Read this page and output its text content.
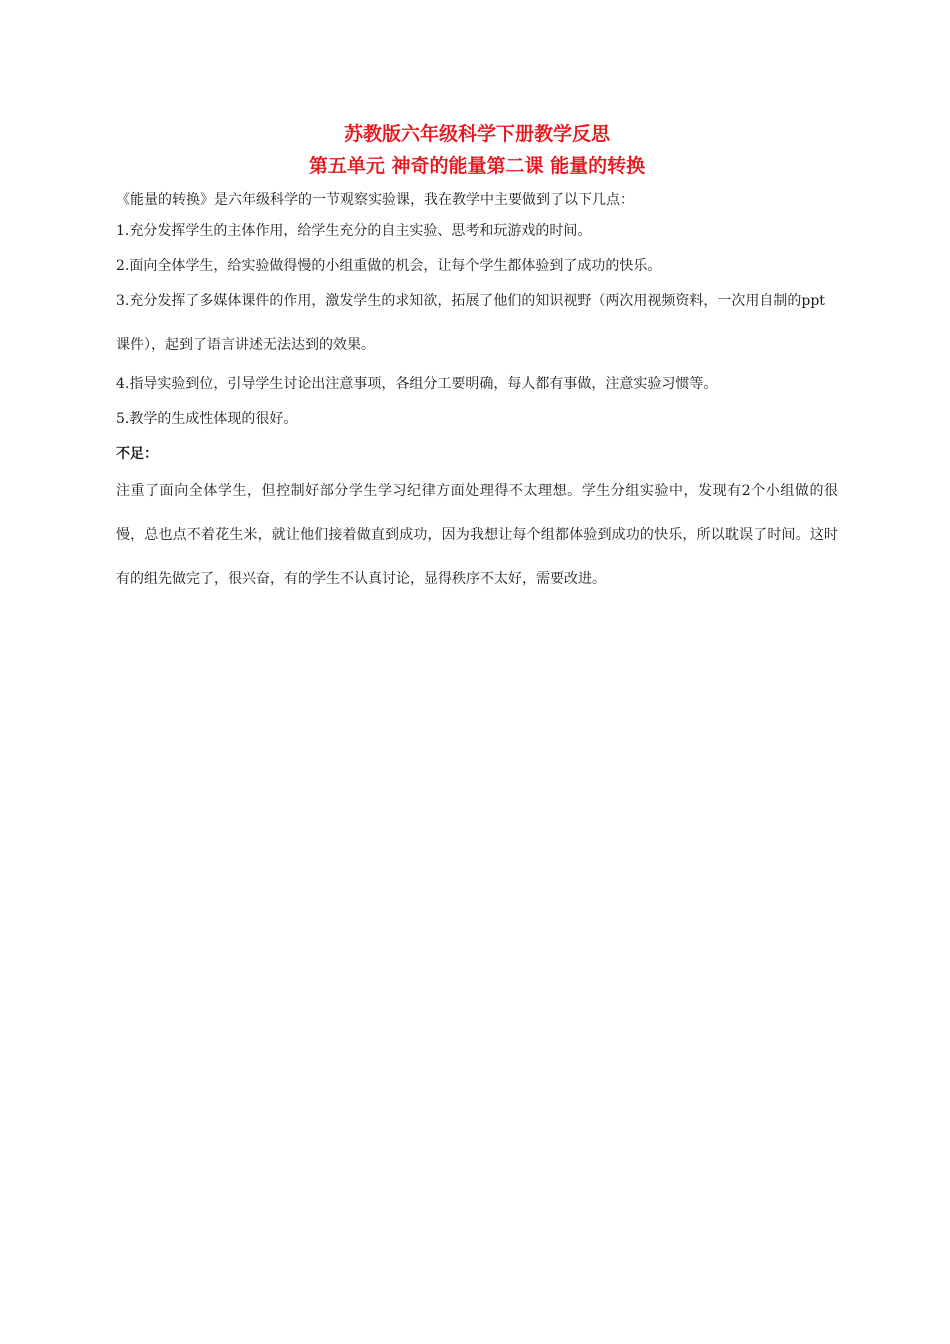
苏教版六年级科学下册教学反思
第五单元 神奇的能量第二课 能量的转换

《能量的转换》是六年级科学的一节观察实验课，我在教学中主要做到了以下几点：

1.充分发挥学生的主体作用，给学生充分的自主实验、思考和玩游戏的时间。

2.面向全体学生，给实验做得慢的小组重做的机会，让每个学生都体验到了成功的快乐。

3.充分发挥了多媒体课件的作用，激发学生的求知欲，拓展了他们的知识视野（两次用视频资料，一次用自制的ppt课件），起到了语言讲述无法达到的效果。

4.指导实验到位，引导学生讨论出注意事项，各组分工要明确，每人都有事做，注意实验习惯等。

5.教学的生成性体现的很好。

不足：

注重了面向全体学生，但控制好部分学生学习纪律方面处理得不太理想。学生分组实验中，发现有2个小组做的很慢，总也点不着花生米，就让他们接着做直到成功，因为我想让每个组都体验到成功的快乐，所以耽误了时间。这时有的组先做完了，很兴奋，有的学生不认真讨论，显得秩序不太好，需要改进。
